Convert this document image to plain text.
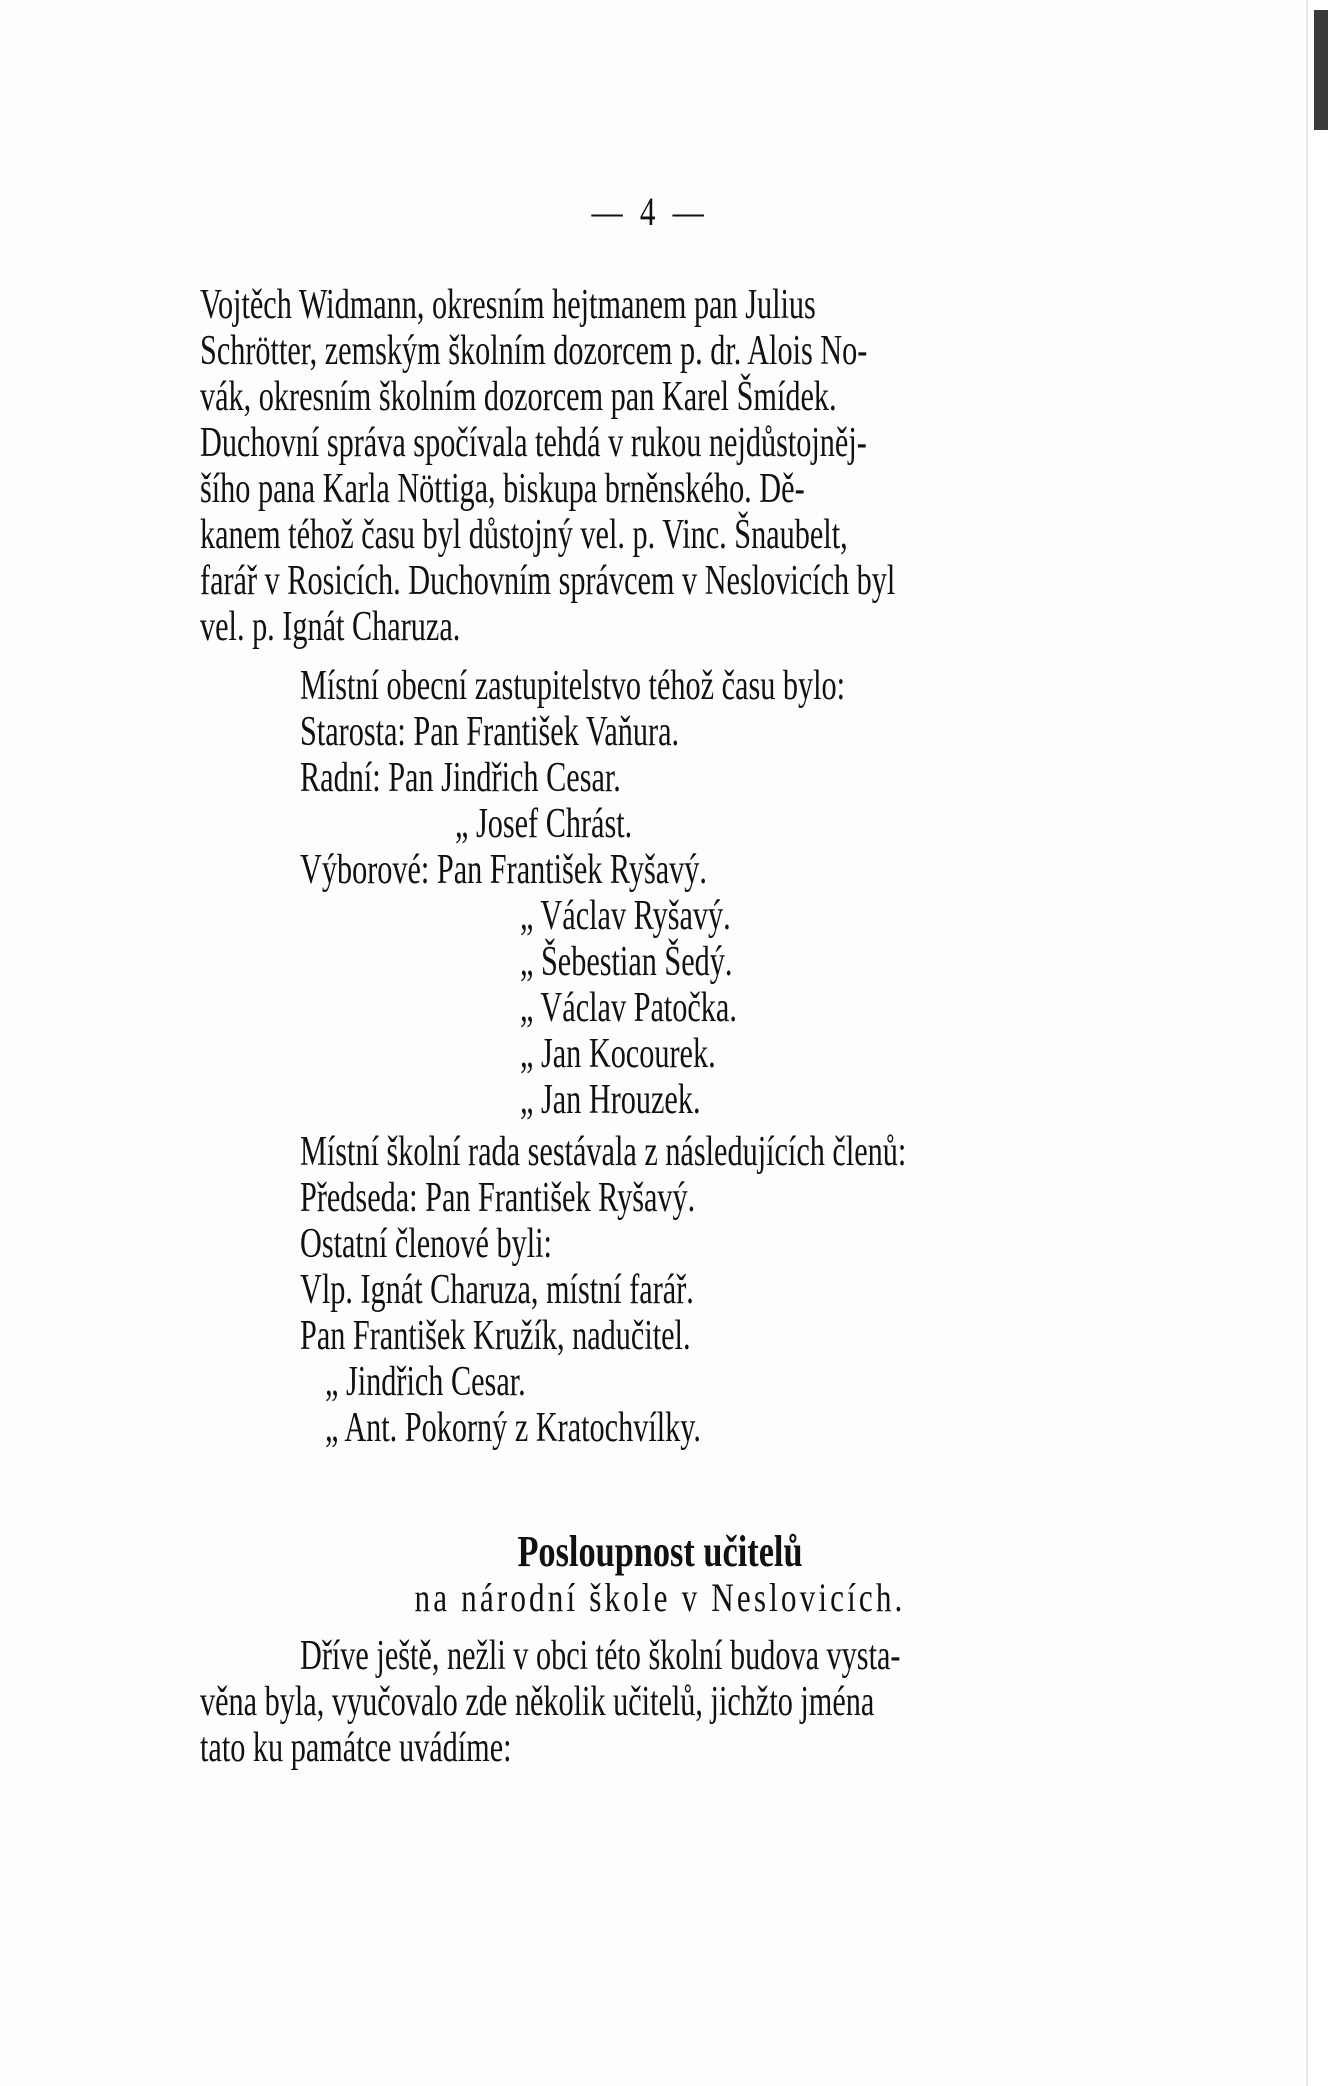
— 4 —
Vojtěch Widmann, okresním hejtmanem pan Julius
Schrötter, zemským školním dozorcem p. dr. Alois No-
vák, okresním školním dozorcem pan Karel Šmídek.
Duchovní správa spočívala tehdá v rukou nejdůstojněj-
šího pana Karla Nöttiga, biskupa brněnského. Dě-
kanem téhož času byl důstojný vel. p. Vinc. Šnaubelt,
farář v Rosicích. Duchovním správcem v Neslovicích byl
vel. p. Ignát Charuza.
Místní obecní zastupitelstvo téhož času bylo:
Starosta: Pan František Vaňura.
Radní: Pan Jindřich Cesar.
„ Josef Chrást.
Výborové: Pan František Ryšavý.
„ Václav Ryšavý.
„ Šebestian Šedý.
„ Václav Patočka.
„ Jan Kocourek.
„ Jan Hrouzek.
Místní školní rada sestávala z následujících členů:
Předseda: Pan František Ryšavý.
Ostatní členové byli:
Vlp. Ignát Charuza, místní farář.
Pan František Kružík, nadučitel.
„ Jindřich Cesar.
„ Ant. Pokorný z Kratochvílky.
Posloupnost učitelů
na národní škole v Neslovicích.
Dříve ještě, nežli v obci této školní budova vysta-
věna byla, vyučovalo zde několik učitelů, jichžto jména
tato ku památce uvádíme:
